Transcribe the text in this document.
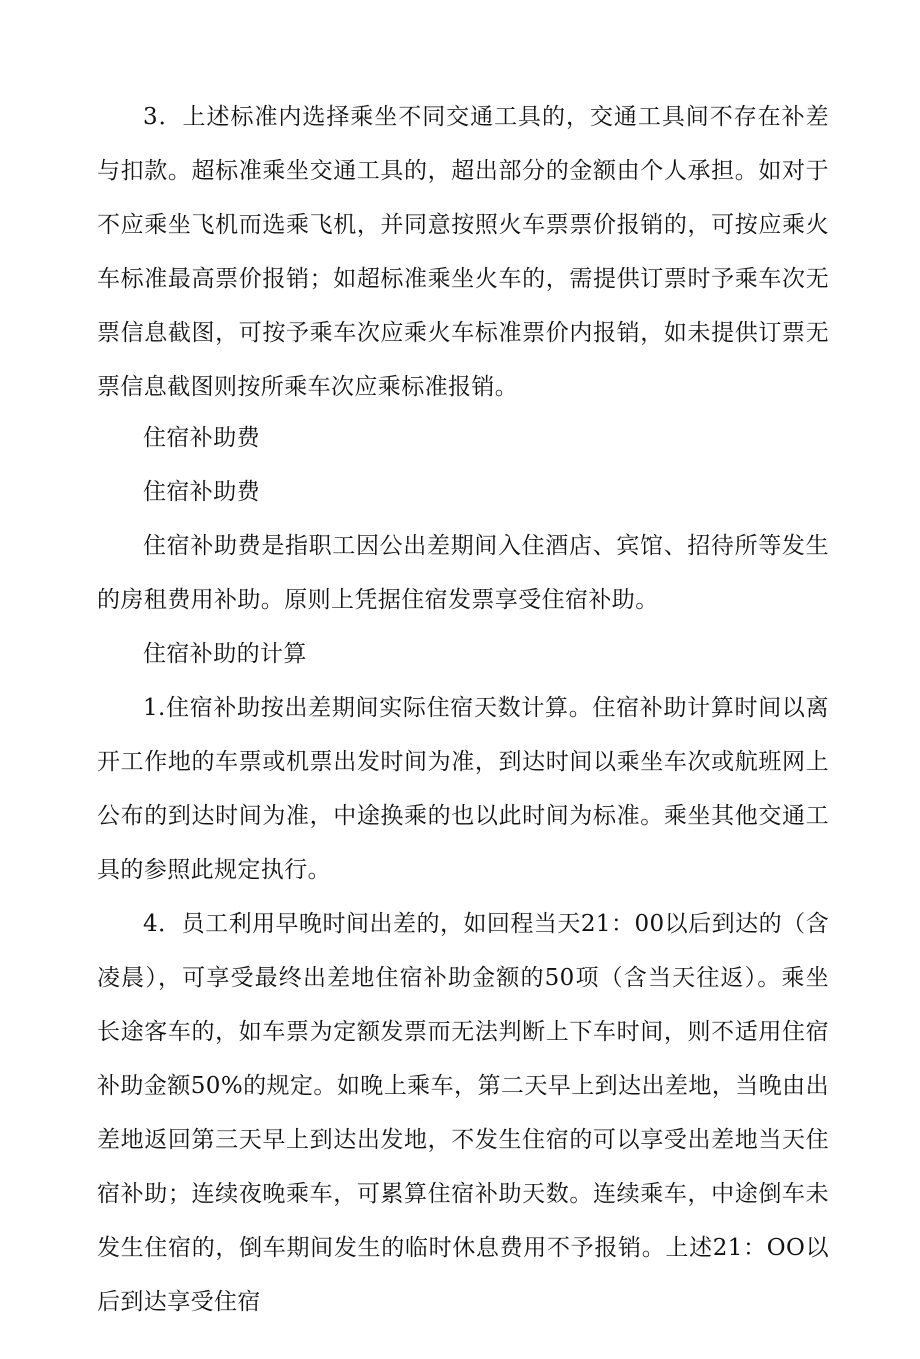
3．上述标准内选择乘坐不同交通工具的，交通工具间不存在补差与扣款。超标准乘坐交通工具的，超出部分的金额由个人承担。如对于不应乘坐飞机而选乘飞机，并同意按照火车票票价报销的，可按应乘火车标准最高票价报销；如超标准乘坐火车的，需提供订票时予乘车次无票信息截图，可按予乘车次应乘火车标准票价内报销，如未提供订票无票信息截图则按所乘车次应乘标准报销。

住宿补助费

住宿补助费

住宿补助费是指职工因公出差期间入住酒店、宾馆、招待所等发生的房租费用补助。原则上凭据住宿发票享受住宿补助。

住宿补助的计算

1.住宿补助按出差期间实际住宿天数计算。住宿补助计算时间以离开工作地的车票或机票出发时间为准，到达时间以乘坐车次或航班网上公布的到达时间为准，中途换乘的也以此时间为标准。乘坐其他交通工具的参照此规定执行。

4．员工利用早晚时间出差的，如回程当天21：00以后到达的（含凌晨），可享受最终出差地住宿补助金额的50项（含当天往返）。乘坐长途客车的，如车票为定额发票而无法判断上下车时间，则不适用住宿补助金额50%的规定。如晚上乘车，第二天早上到达出差地，当晚由出差地返回第三天早上到达出发地，不发生住宿的可以享受出差地当天住宿补助；连续夜晚乘车，可累算住宿补助天数。连续乘车，中途倒车未发生住宿的，倒车期间发生的临时休息费用不予报销。上述21：OO以后到达享受住宿
